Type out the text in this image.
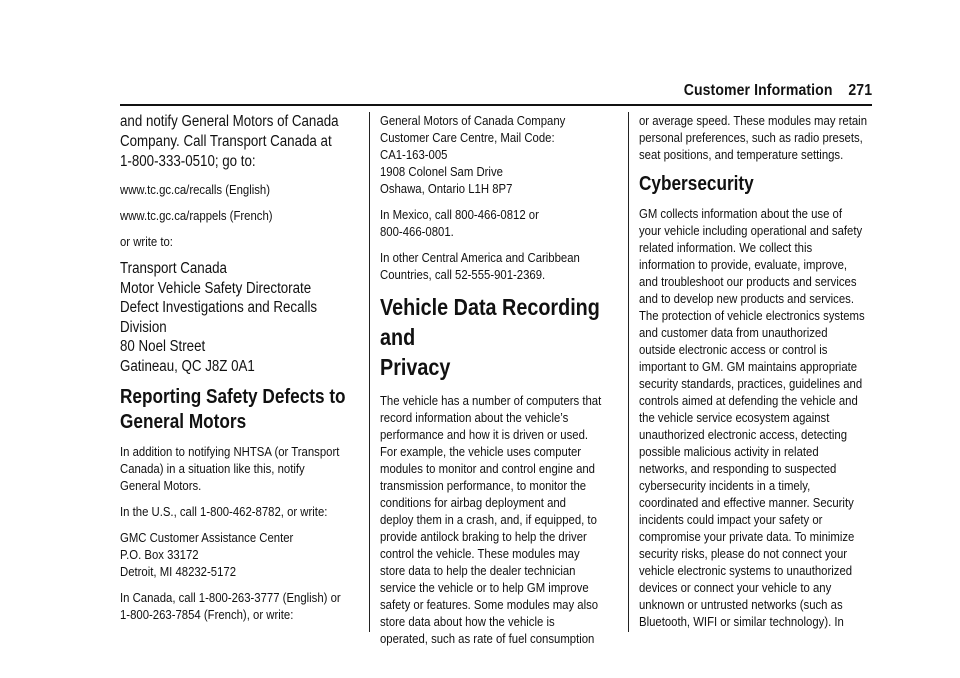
Customer Information 271

and notify General Motors of Canada
Company. Call Transport Canada at
1-800-333-0510; go to:

www.tc.gc.ca/recalls (English)

www.tc.gc.ca/rappels (French)

or write to:

Transport Canada
Motor Vehicle Safety Directorate
Defect Investigations and Recalls
Division
80 Noel Street
Gatineau, QC J8Z 0A1

Reporting Safety Defects to
General Motors

In addition to notifying NHTSA (or Transport
Canada) in a situation like this, notify
General Motors.

In the U.S., call 1-800-462-8782, or write:

GMC Customer Assistance Center
P.O. Box 33172
Detroit, MI 48232-5172

In Canada, call 1-800-263-3777 (English) or
1-800-263-7854 (French), or write:

General Motors of Canada Company
Customer Care Centre, Mail Code:
CA1-163-005
1908 Colonel Sam Drive
Oshawa, Ontario L1H 8P7

In Mexico, call 800-466-0812 or
800-466-0801.

In other Central America and Caribbean
Countries, call 52-555-901-2369.

Vehicle Data Recording and
Privacy

The vehicle has a number of computers that
record information about the vehicle’s
performance and how it is driven or used.
For example, the vehicle uses computer
modules to monitor and control engine and
transmission performance, to monitor the
conditions for airbag deployment and
deploy them in a crash, and, if equipped, to
provide antilock braking to help the driver
control the vehicle. These modules may
store data to help the dealer technician
service the vehicle or to help GM improve
safety or features. Some modules may also
store data about how the vehicle is
operated, such as rate of fuel consumption

or average speed. These modules may retain
personal preferences, such as radio presets,
seat positions, and temperature settings.

Cybersecurity

GM collects information about the use of
your vehicle including operational and safety
related information. We collect this
information to provide, evaluate, improve,
and troubleshoot our products and services
and to develop new products and services.
The protection of vehicle electronics systems
and customer data from unauthorized
outside electronic access or control is
important to GM. GM maintains appropriate
security standards, practices, guidelines and
controls aimed at defending the vehicle and
the vehicle service ecosystem against
unauthorized electronic access, detecting
possible malicious activity in related
networks, and responding to suspected
cybersecurity incidents in a timely,
coordinated and effective manner. Security
incidents could impact your safety or
compromise your private data. To minimize
security risks, please do not connect your
vehicle electronic systems to unauthorized
devices or connect your vehicle to any
unknown or untrusted networks (such as
Bluetooth, WIFI or similar technology). In
